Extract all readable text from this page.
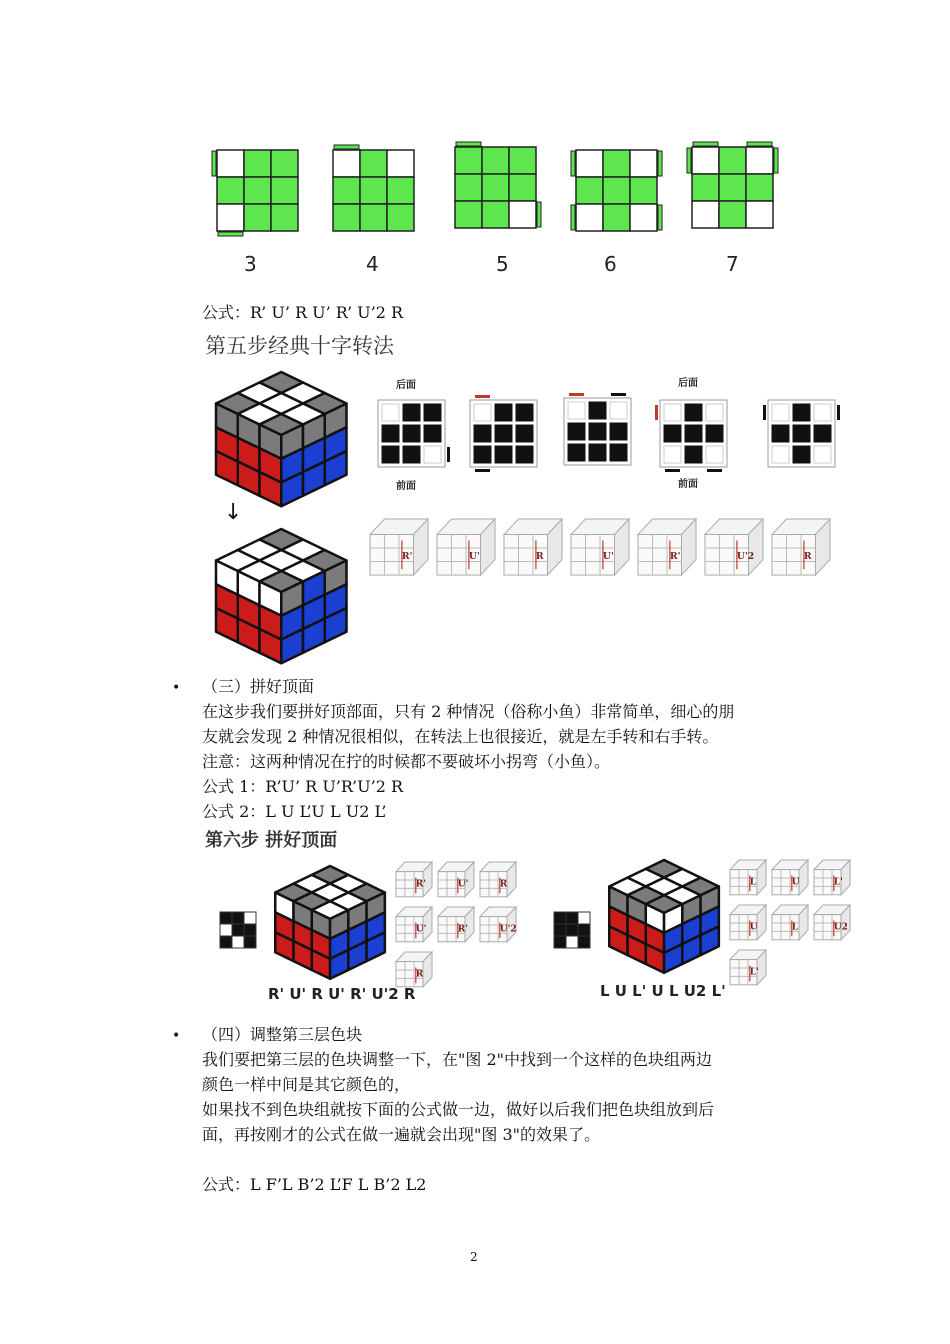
3	4	5	6	7
公式：R’ U’ R U’ R’ U’2 R
第五步经典十字转法
↓
后面
前面
后面
前面
R'	U'	R	U'	R'	U'2	R
• （三）拼好顶面
在这步我们要拼好顶部面，只有 2 种情况（俗称小鱼）非常简单，细心的朋
友就会发现 2 种情况很相似，在转法上也很接近，就是左手转和右手转。
注意：这两种情况在拧的时候都不要破坏小拐弯（小鱼）。
公式 1：R’U’ R U’R’U’2 R
公式 2：L U L’U L U2 L’
第六步 拼好顶面
R'	U'	R
U'	R'	U'2
R
R' U' R U' R' U'2 R
L	U	L'
U	L	U2
L'
L U L' U L U2 L'
• （四）调整第三层色块
我们要把第三层的色块调整一下，在"图 2"中找到一个这样的色块组两边
颜色一样中间是其它颜色的，
如果找不到色块组就按下面的公式做一边，做好以后我们把色块组放到后
面，再按刚才的公式在做一遍就会出现"图 3"的效果了。
公式：L F’L B’2 L’F L B’2 L2
2
